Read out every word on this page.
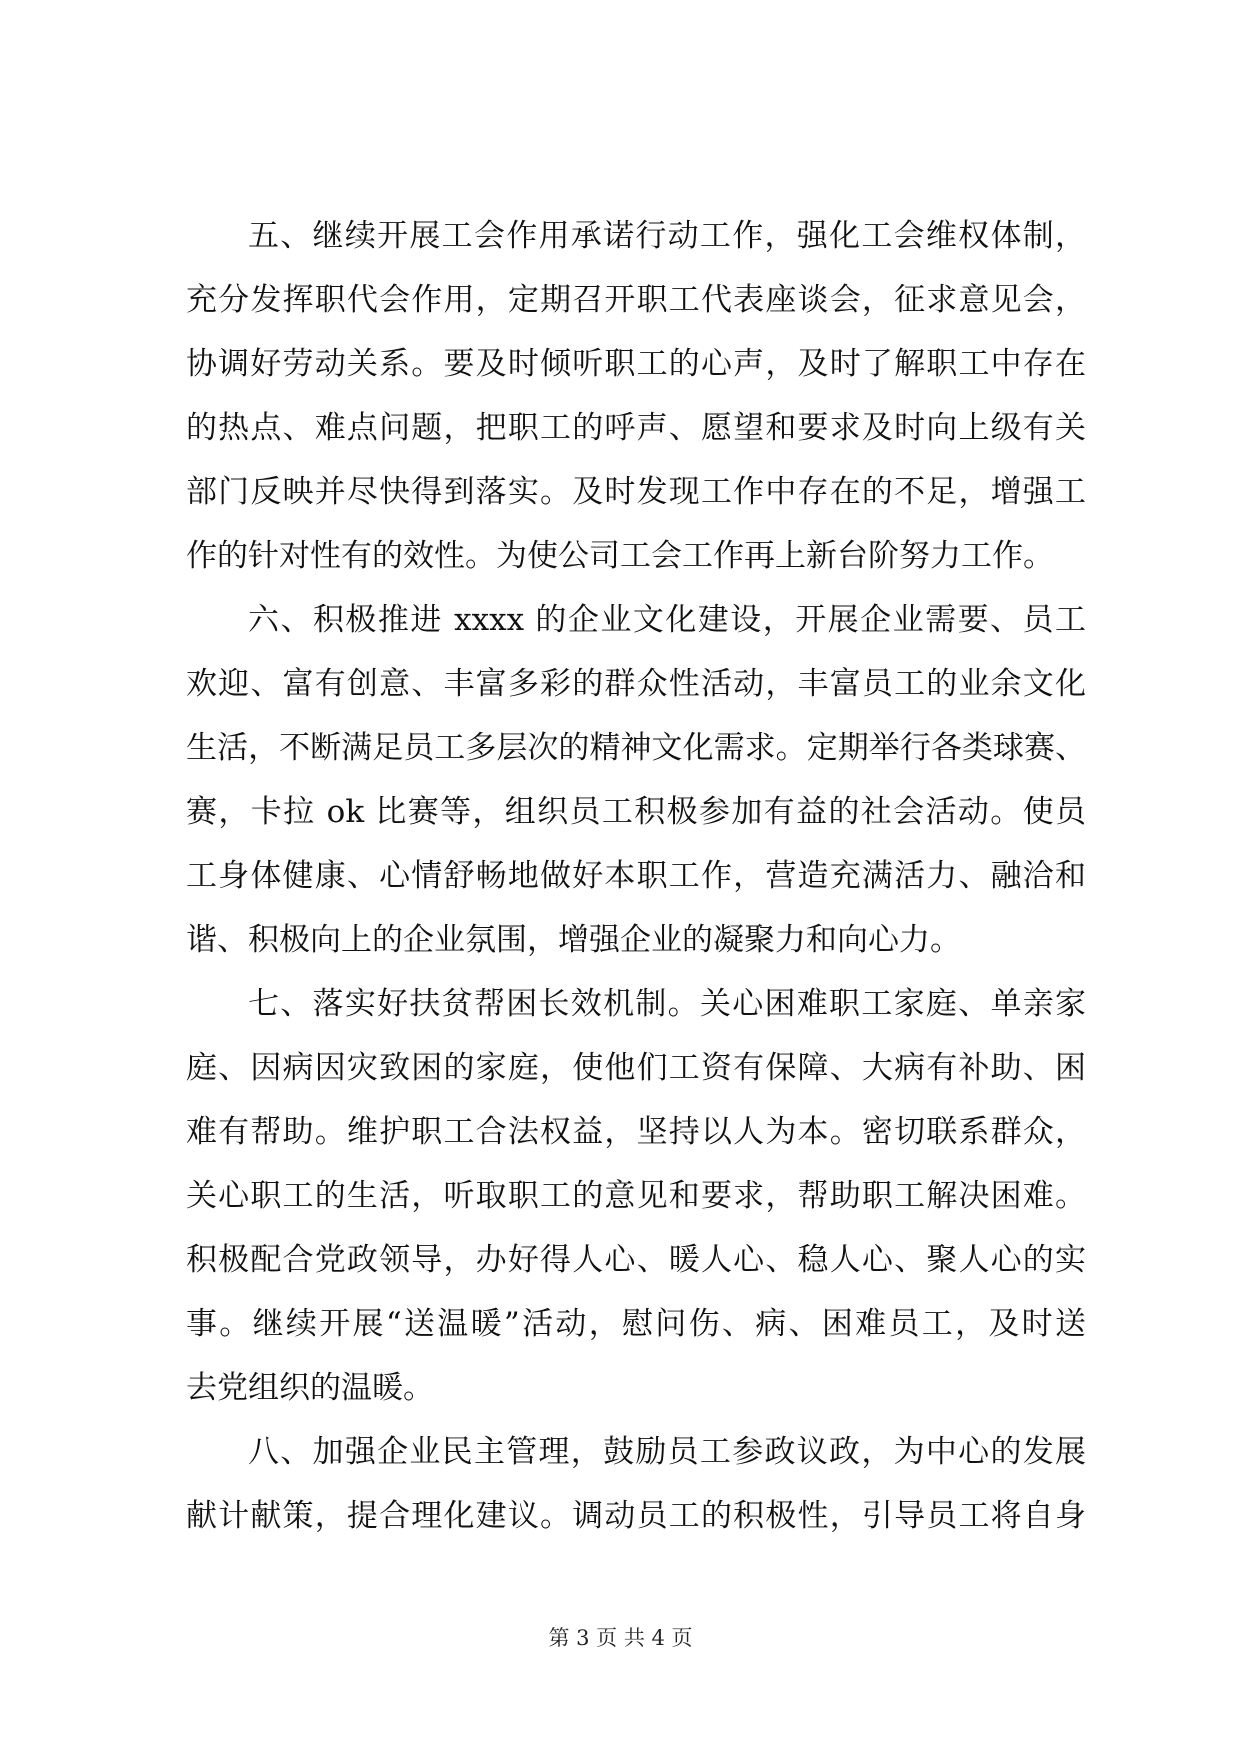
五、继续开展工会作用承诺行动工作，强化工会维权体制，
充分发挥职代会作用，定期召开职工代表座谈会，征求意见会，
协调好劳动关系。要及时倾听职工的心声，及时了解职工中存在
的热点、难点问题，把职工的呼声、愿望和要求及时向上级有关
部门反映并尽快得到落实。及时发现工作中存在的不足，增强工
作的针对性有的效性。为使公司工会工作再上新台阶努力工作。
六、积极推进 xxxx 的企业文化建设，开展企业需要、员工
欢迎、富有创意、丰富多彩的群众性活动，丰富员工的业余文化
生活，不断满足员工多层次的精神文化需求。定期举行各类球赛、
赛，卡拉 ok 比赛等，组织员工积极参加有益的社会活动。使员
工身体健康、心情舒畅地做好本职工作，营造充满活力、融洽和
谐、积极向上的企业氛围，增强企业的凝聚力和向心力。
七、落实好扶贫帮困长效机制。关心困难职工家庭、单亲家
庭、因病因灾致困的家庭，使他们工资有保障、大病有补助、困
难有帮助。维护职工合法权益，坚持以人为本。密切联系群众，
关心职工的生活，听取职工的意见和要求，帮助职工解决困难。
积极配合党政领导，办好得人心、暖人心、稳人心、聚人心的实
事。继续开展“送温暖”活动，慰问伤、病、困难员工，及时送
去党组织的温暖。
八、加强企业民主管理，鼓励员工参政议政，为中心的发展
献计献策，提合理化建议。调动员工的积极性，引导员工将自身
第 3 页 共 4 页
